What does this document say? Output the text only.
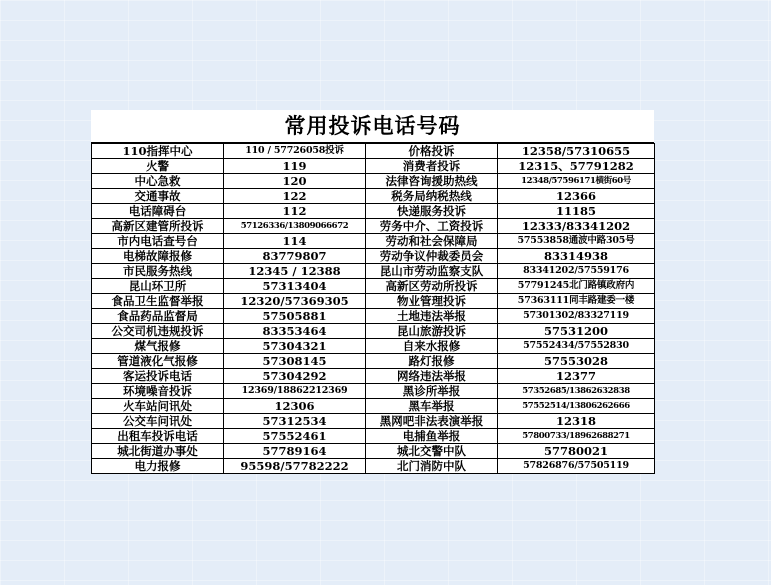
常用投诉电话号码
110指挥中心	110 / 57726058投诉	价格投诉	12358/57310655
火警	119	消费者投诉	12315、57791282
中心急救	120	法律咨询援助热线	12348/57596171横街60号
交通事故	122	税务局纳税热线	12366
电话障碍台	112	快递服务投诉	11185
高新区建管所投诉	57126336/13809066672	劳务中介、工资投诉	12333/83341202
市内电话查号台	114	劳动和社会保障局	57553858通波中路305号
电梯故障报修	83779807	劳动争议仲裁委员会	83314938
市民服务热线	12345 / 12388	昆山市劳动监察支队	83341202/57559176
昆山环卫所	57313404	高新区劳动所投诉	57791245北门路镇政府内
食品卫生监督举报	12320/57369305	物业管理投诉	57363111同丰路建委一楼
食品药品监督局	57505881	土地违法举报	57301302/83327119
公交司机违规投诉	83353464	昆山旅游投诉	57531200
煤气报修	57304321	自来水报修	57552434/57552830
管道液化气报修	57308145	路灯报修	57553028
客运投诉电话	57304292	网络违法举报	12377
环境噪音投诉	12369/18862212369	黑诊所举报	57352685/13862632838
火车站问讯处	12306	黑车举报	57552514/13806262666
公交车问讯处	57312534	黑网吧非法表演举报	12318
出租车投诉电话	57552461	电捕鱼举报	57800733/18962688271
城北街道办事处	57789164	城北交警中队	57780021
电力报修	95598/57782222	北门消防中队	57826876/57505119
